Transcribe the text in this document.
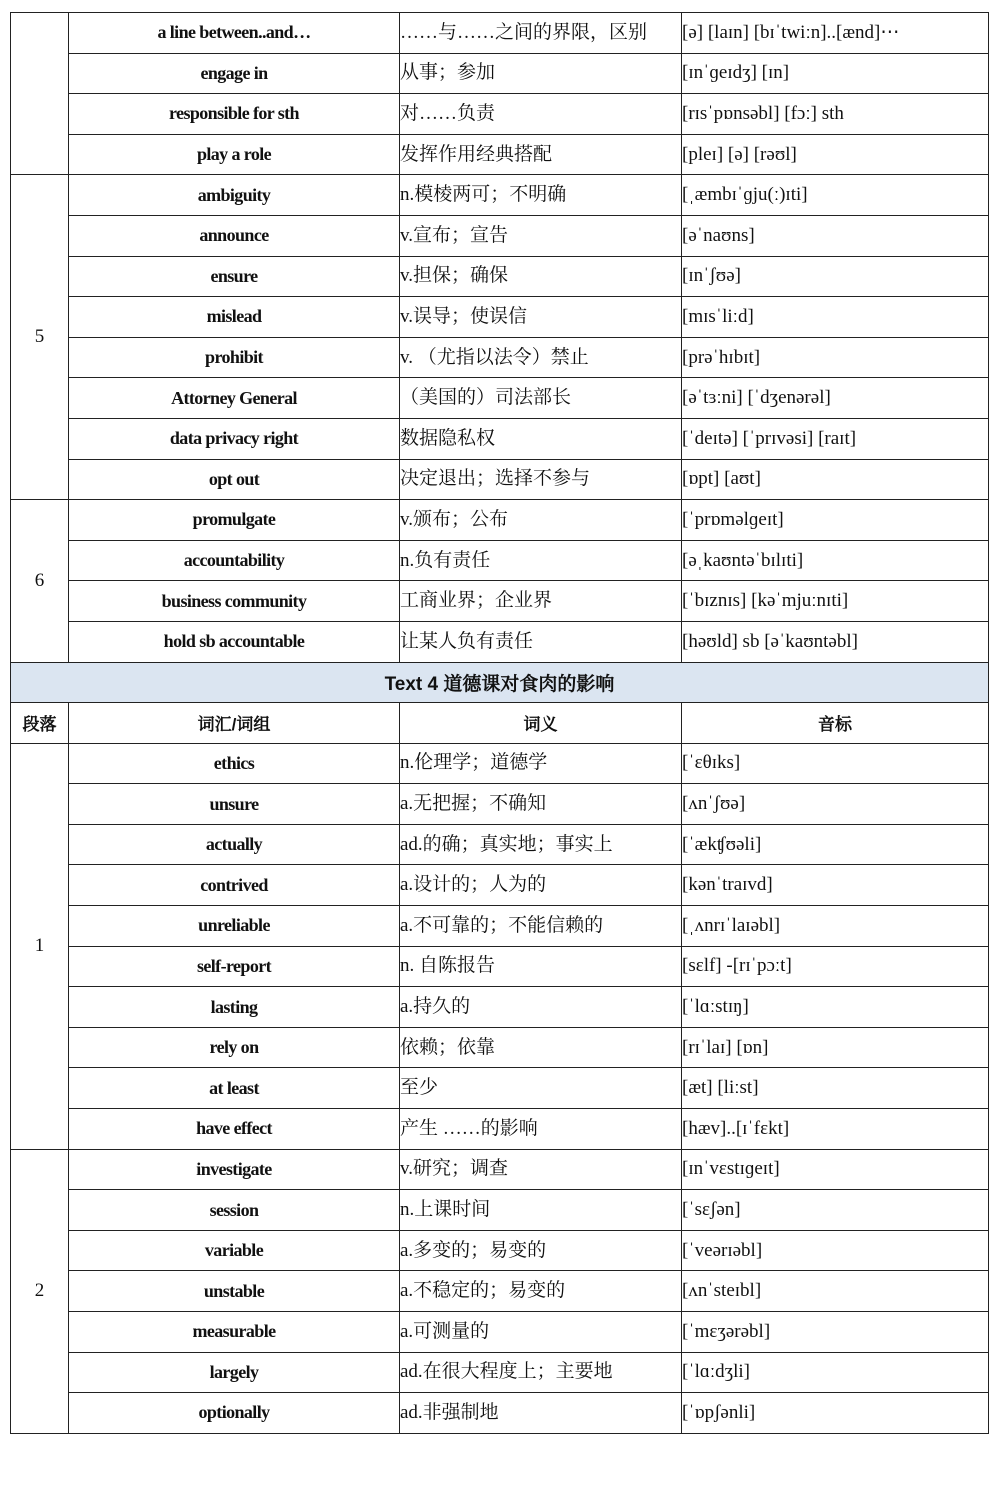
	a line between..and…	……与……之间的界限，区别	[ə] [laɪn] [bɪˈtwiːn]..[ænd]⋯
	engage in	从事；参加	[ɪnˈɡeɪdʒ] [ɪn]
	responsible for sth	对……负责	[rɪsˈpɒnsəbl] [fɔː] sth
	play a role	发挥作用经典搭配	[pleɪ] [ə] [rəʊl]
5	ambiguity	n.模棱两可；不明确	[ˌæmbɪˈɡju(ː)ɪti]
	announce	v.宣布；宣告	[əˈnaʊns]
	ensure	v.担保；确保	[ɪnˈʃʊə]
	mislead	v.误导；使误信	[mɪsˈliːd]
	prohibit	v. （尤指以法令）禁止	[prəˈhɪbɪt]
	Attorney General	（美国的）司法部长	[əˈtɜːni] [ˈdʒenərəl]
	data privacy right	数据隐私权	[ˈdeɪtə] [ˈprɪvəsi] [raɪt]
	opt out	决定退出；选择不参与	[ɒpt] [aʊt]
6	promulgate	v.颁布；公布	[ˈprɒməlɡeɪt]
	accountability	n.负有责任	[əˌkaʊntəˈbɪlɪti]
	business community	工商业界；企业界	[ˈbɪznɪs] [kəˈmjuːnɪti]
	hold sb accountable	让某人负有责任	[həʊld] sb [əˈkaʊntəbl]
Text 4 道德课对食肉的影响			
段落	词汇/词组	词义	音标
1	ethics	n.伦理学；道德学	[ˈɛθɪks]
	unsure	a.无把握；不确知	[ʌnˈʃʊə]
	actually	ad.的确；真实地；事实上	[ˈækʧʊəli]
	contrived	a.设计的；人为的	[kənˈtraɪvd]
	unreliable	a.不可靠的；不能信赖的	[ˌʌnrɪˈlaɪəbl]
	self-report	n. 自陈报告	[sɛlf] -[rɪˈpɔːt]
	lasting	a.持久的	[ˈlɑːstɪŋ]
	rely on	依赖；依靠	[rɪˈlaɪ] [ɒn]
	at least	至少	[æt] [liːst]
	have effect	产生 ……的影响	[hæv]..[ɪˈfɛkt]
2	investigate	v.研究；调查	[ɪnˈvɛstɪɡeɪt]
	session	n.上课时间	[ˈsɛʃən]
	variable	a.多变的；易变的	[ˈveərɪəbl]
	unstable	a.不稳定的；易变的	[ʌnˈsteɪbl]
	measurable	a.可测量的	[ˈmɛʒərəbl]
	largely	ad.在很大程度上；主要地	[ˈlɑːdʒli]
	optionally	ad.非强制地	[ˈɒpʃənli]
